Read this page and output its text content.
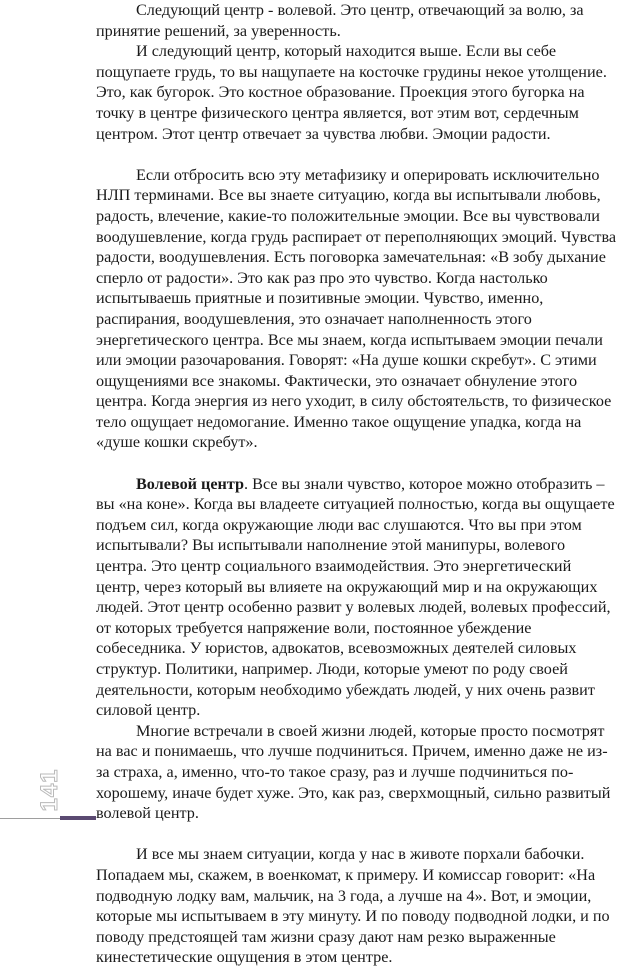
Следующий центр - волевой. Это центр, отвечающий за волю, за принятие решений, за уверенность.

И следующий центр, который находится выше. Если вы себе пощупаете грудь, то вы нащупаете на косточке грудины некое утолщение. Это, как бугорок. Это костное образование. Проекция этого бугорка на точку в центре физического центра является, вот этим вот, сердечным центром. Этот центр отвечает за чувства любви. Эмоции радости.

Если отбросить всю эту метафизику и оперировать исключительно НЛП терминами. Все вы знаете ситуацию, когда вы испытывали любовь, радость, влечение, какие-то положительные эмоции. Все вы чувствовали воодушевление, когда грудь распирает от переполняющих эмоций. Чувства радости, воодушевления. Есть поговорка замечательная: «В зобу дыхание сперло от радости». Это как раз про это чувство. Когда настолько испытываешь приятные и позитивные эмоции. Чувство, именно, распирания, воодушевления, это означает наполненность этого энергетического центра. Все мы знаем, когда испытываем эмоции печали или эмоции разочарования. Говорят: «На душе кошки скребут». С этими ощущениями все знакомы. Фактически, это означает обнуление этого центра. Когда энергия из него уходит, в силу обстоятельств, то физическое тело ощущает недомогание. Именно такое ощущение упадка, когда на «душе кошки скребут».

Волевой центр. Все вы знали чувство, которое можно отобразить – вы «на коне». Когда вы владеете ситуацией полностью, когда вы ощущаете подъем сил, когда окружающие люди вас слушаются. Что вы при этом испытывали? Вы испытывали наполнение этой манипуры, волевого центра. Это центр социального взаимодействия. Это энергетический центр, через который вы влияете на окружающий мир и на окружающих людей. Этот центр особенно развит у волевых людей, волевых профессий, от которых требуется напряжение воли, постоянное убеждение собеседника. У юристов, адвокатов, всевозможных деятелей силовых структур. Политики, например. Люди, которые умеют по роду своей деятельности, которым необходимо убеждать людей, у них очень развит силовой центр.

Многие встречали в своей жизни людей, которые просто посмотрят на вас и понимаешь, что лучше подчиниться. Причем, именно даже не из-за страха, а, именно, что-то такое сразу, раз и лучше подчиниться по-хорошему, иначе будет хуже. Это, как раз, сверхмощный, сильно развитый волевой центр.

И все мы знаем ситуации, когда у нас в животе порхали бабочки. Попадаем мы, скажем, в военкомат, к примеру. И комиссар говорит: «На подводную лодку вам, мальчик, на 3 года, а лучше на 4». Вот, и эмоции, которые мы испытываем в эту минуту. И по поводу подводной лодки, и по поводу предстоящей там жизни сразу дают нам резко выраженные кинестетические ощущения в этом центре.

141
